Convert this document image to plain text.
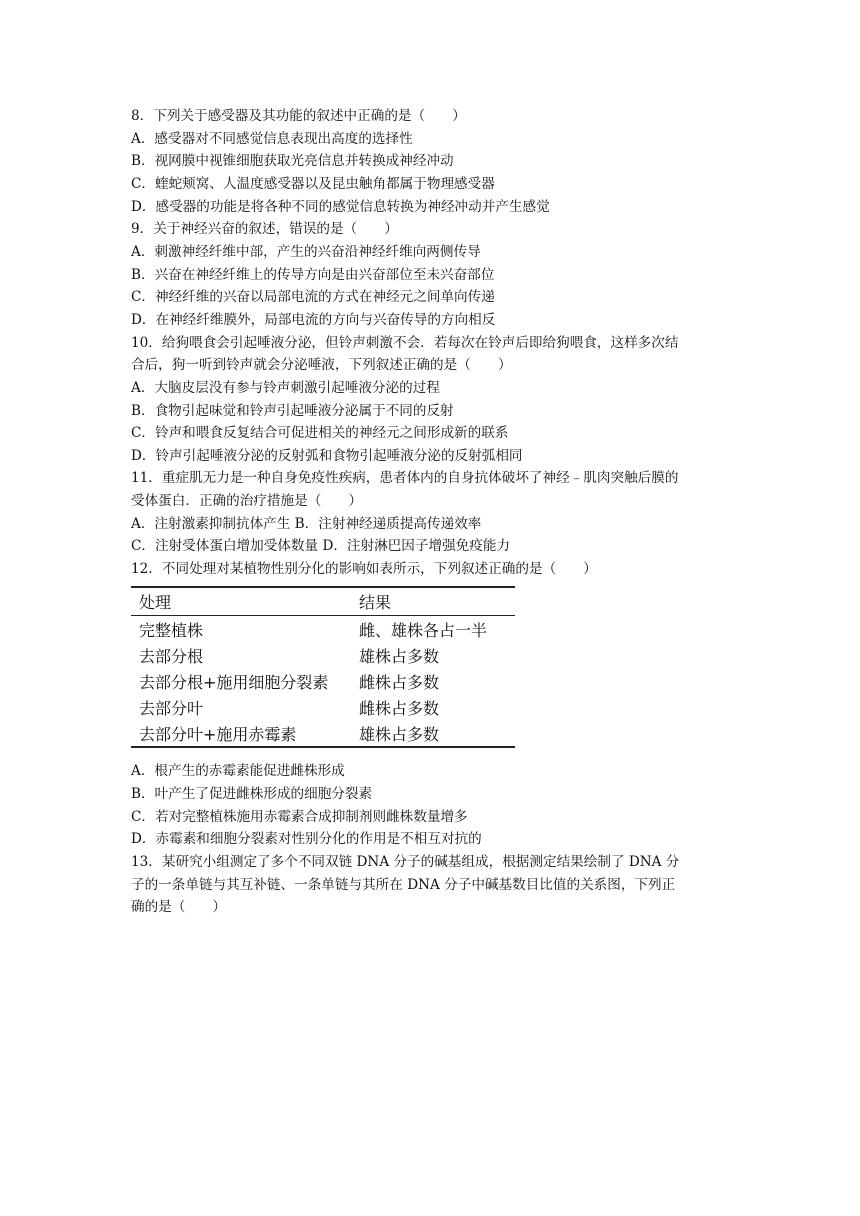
8．下列关于感受器及其功能的叙述中正确的是（　　）
A．感受器对不同感觉信息表现出高度的选择性
B．视网膜中视锥细胞获取光亮信息并转换成神经冲动
C．蝰蛇颊窝、人温度感受器以及昆虫触角都属于物理感受器
D．感受器的功能是将各种不同的感觉信息转换为神经冲动并产生感觉
9．关于神经兴奋的叙述，错误的是（　　）
A．刺激神经纤维中部，产生的兴奋沿神经纤维向两侧传导
B．兴奋在神经纤维上的传导方向是由兴奋部位至未兴奋部位
C．神经纤维的兴奋以局部电流的方式在神经元之间单向传递
D．在神经纤维膜外，局部电流的方向与兴奋传导的方向相反
10．给狗喂食会引起唾液分泌，但铃声刺激不会．若每次在铃声后即给狗喂食，这样多次结
合后，狗一听到铃声就会分泌唾液，下列叙述正确的是（　　）
A．大脑皮层没有参与铃声刺激引起唾液分泌的过程
B．食物引起味觉和铃声引起唾液分泌属于不同的反射
C．铃声和喂食反复结合可促进相关的神经元之间形成新的联系
D．铃声引起唾液分泌的反射弧和食物引起唾液分泌的反射弧相同
11．重症肌无力是一种自身免疫性疾病，患者体内的自身抗体破坏了神经﹣肌肉突触后膜的
受体蛋白．正确的治疗措施是（　　）
A．注射激素抑制抗体产生 B．注射神经递质提高传递效率
C．注射受体蛋白增加受体数量 D．注射淋巴因子增强免疫能力
12．不同处理对某植物性别分化的影响如表所示，下列叙述正确的是（　　）
处理	结果
完整植株	雌、雄株各占一半
去部分根	雄株占多数
去部分根+施用细胞分裂素	雌株占多数
去部分叶	雌株占多数
去部分叶+施用赤霉素	雄株占多数
A．根产生的赤霉素能促进雌株形成
B．叶产生了促进雌株形成的细胞分裂素
C．若对完整植株施用赤霉素合成抑制剂则雌株数量增多
D．赤霉素和细胞分裂素对性别分化的作用是不相互对抗的
13．某研究小组测定了多个不同双链 DNA 分子的碱基组成，根据测定结果绘制了 DNA 分
子的一条单链与其互补链、一条单链与其所在 DNA 分子中碱基数目比值的关系图，下列正
确的是（　　）
